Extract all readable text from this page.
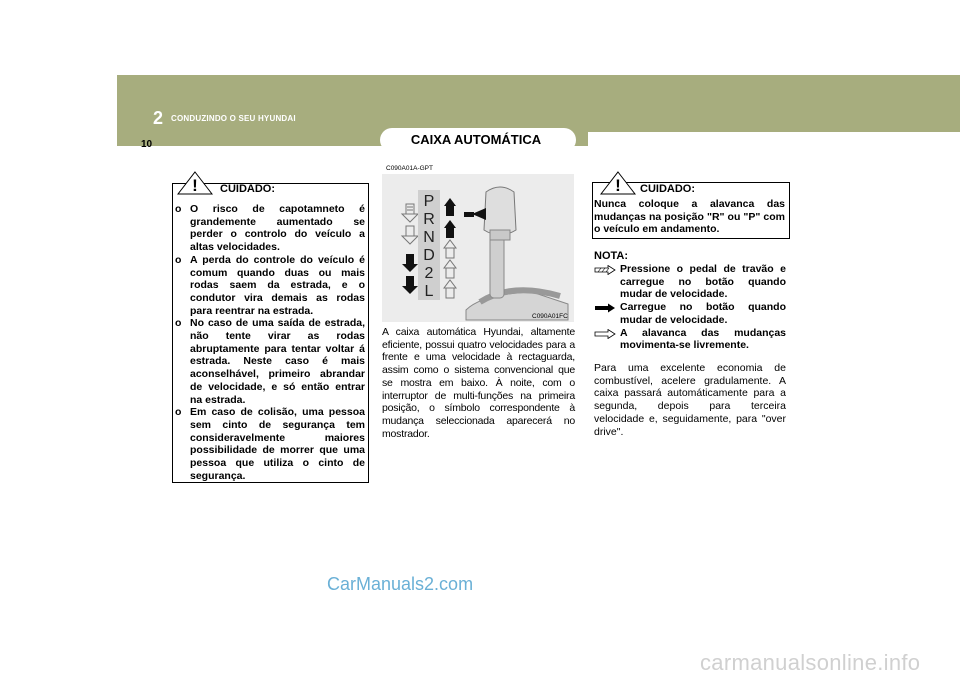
2 CONDUZINDO O SEU HYUNDAI
10	CAIXA AUTOMÁTICA
! CUIDADO:
o O risco de capotamneto é grandemente aumentado se perder o controlo do veículo a altas velocidades.
o A perda do controle do veículo é comum quando duas ou mais rodas saem da estrada, e o condutor vira demais as rodas para reentrar na estrada.
o No caso de uma saída de estrada, não tente virar as rodas abruptamente para tentar voltar á estrada. Neste caso é mais aconselhável, primeiro abrandar de velocidade, e só então entrar na estrada.
o Em caso de colisão, uma pessoa sem cinto de segurança tem consideravelmente maiores possibilidade de morrer que uma pessoa que utiliza o cinto de segurança.
C090A01A-GPT
P
R
N
D
2
L
C090A01FC
A caixa automática Hyundai, altamente eficiente, possui quatro velocidades para a frente e uma velocidade à rectaguarda, assim como o sistema convencional que se mostra em baixo. À noite, com o interruptor de multi-funções na primeira posição, o símbolo correspondente à mudança seleccionada aparecerá no mostrador.
! CUIDADO:
Nunca coloque a alavanca das mudanças na posição "R" ou "P" com o veículo em andamento.
NOTA:
Pressione o pedal de travão e carregue no botão quando mudar de velocidade.
Carregue no botão quando mudar de velocidade.
A alavanca das mudanças movimenta-se livremente.
Para uma excelente economia de combustível, acelere gradulamente. A caixa passará automáticamente para a segunda, depois para terceira velocidade e, seguidamente, para "over drive".
CarManuals2.com
carmanualsonline.info
